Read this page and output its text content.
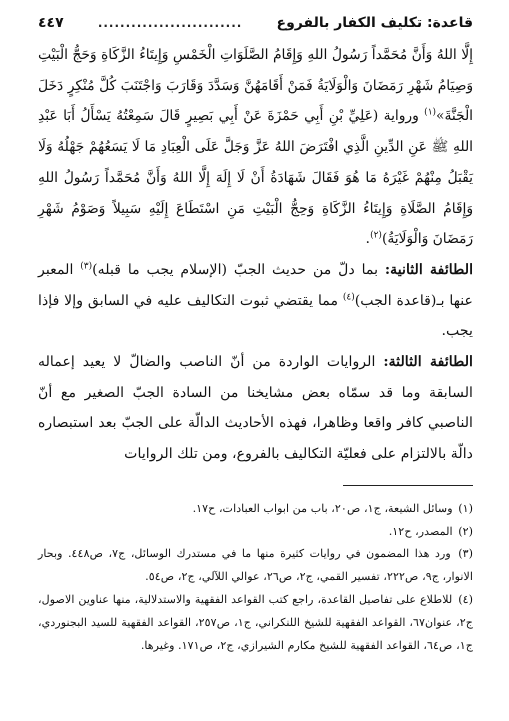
قاعدة: تكليف الكفار بالفروع
..........................
٤٤٧

إِلَّا اللهُ وَأَنَّ مُحَمَّداً رَسُولُ اللهِ وَإِقَامُ الصَّلَوَاتِ الْخَمْسِ وَإِيتَاءُ الزَّكَاةِ وَحَجُّ الْبَيْتِ وَصِيَامُ شَهْرِ رَمَضَانَ وَالْوَلَايَةُ فَمَنْ أَقَامَهُنَّ وَسَدَّدَ وَقَارَبَ وَاجْتَنَبَ كُلَّ مُنْكِرٍ دَخَلَ الْجَنَّةَ»$^{(١)}$ ورواية (عَلِيِّ بْنِ أَبِي حَمْزَةَ عَنْ أَبِي بَصِيرٍ قَالَ سَمِعْتُهُ يَسْأَلُ أَبَا عَبْدِ اللهِ ﷺ عَنِ الدِّينِ الَّذِي افْتَرَضَ اللهُ عَزَّ وَجَلَّ عَلَى الْعِبَادِ مَا لَا يَسَعُهُمْ جَهْلُهُ وَلَا يَقْبَلُ مِنْهُمْ غَيْرَهُ مَا هُوَ فَقَالَ شَهَادَةُ أَنْ لَا إِلَهَ إِلَّا اللهُ وَأَنَّ مُحَمَّداً رَسُولُ اللهِ وَإِقَامُ الصَّلَاةِ وَإِيتَاءُ الزَّكَاةِ وَحِجُّ الْبَيْتِ مَنِ اسْتَطَاعَ إِلَيْهِ سَبِيلاً وَصَوْمُ شَهْرِ رَمَضَانَ وَالْوَلَايَةُ)$^{(٢)}$.

الطائفة الثانية: بما دلّ من حديث الجبّ (الإسلام يجب ما قبله)$^{(٣)}$ المعبر عنها بـ(قاعدة الجب)$^{(٤)}$ مما يقتضي ثبوت التكاليف عليه في السابق وإلا فإذا يجب.

الطائفة الثالثة: الروايات الواردة من أنّ الناصب والضالّ لا يعيد إعماله السابقة وما قد سمّاه بعض مشايخنا من السادة الجبّ الصغير مع أنّ الناصبي كافر واقعا وظاهرا، فهذه الأحاديث الدالّة على الجبّ بعد استبصاره دالّة بالالتزام على فعليّة التكاليف بالفروع، ومن تلك الروايات

(١) وسائل الشيعة، ج١، ص٢٠، باب من ابواب العبادات، ح١٧.

(٢) المصدر، ح١٢.

(٣) ورد هذا المضمون في روايات كثيرة منها ما في مستدرك الوسائل، ج٧، ص٤٤٨. وبحار الانوار، ج٩، ص٢٢٢، تفسير القمي، ج٢، ص٢٦، عوالي اللآلي، ج٢، ص٥٤.

(٤) للاطلاع على تفاصيل القاعدة، راجع كتب القواعد الفقهية والاستدلالية، منها عناوين الاصول، ج٢، عنوان٦٧، القواعد الفقهية للشيخ اللنكراني، ج١، ص٢٥٧، القواعد الفقهية للسيد البجنوردي، ج١، ص٦٤، القواعد الفقهية للشيخ مكارم الشيرازي، ج٢، ص١٧١. وغيرها.
